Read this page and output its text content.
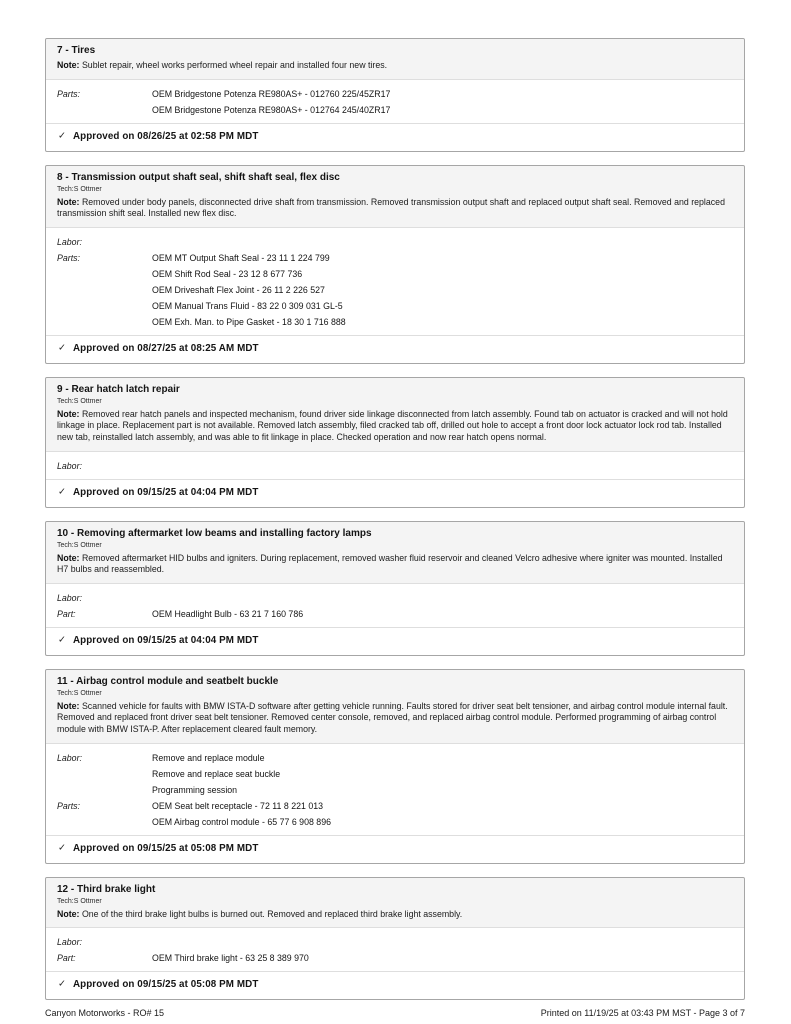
7 - Tires
Note: Sublet repair, wheel works performed wheel repair and installed four new tires.
Parts:	OEM Bridgestone Potenza RE980AS+ - 012760 225/45ZR17
OEM Bridgestone Potenza RE980AS+ - 012764 245/40ZR17
✓ Approved on 08/26/25 at 02:58 PM MDT
8 - Transmission output shaft seal, shift shaft seal, flex disc
Tech:S Ottmer
Note: Removed under body panels, disconnected drive shaft from transmission. Removed transmission output shaft and replaced output shaft seal. Removed and replaced transmission shift seal. Installed new flex disc.
Labor:
Parts:	OEM MT Output Shaft Seal - 23 11 1 224 799
OEM Shift Rod Seal - 23 12 8 677 736
OEM Driveshaft Flex Joint - 26 11 2 226 527
OEM Manual Trans Fluid - 83 22 0 309 031 GL-5
OEM Exh. Man. to Pipe Gasket - 18 30 1 716 888
✓ Approved on 08/27/25 at 08:25 AM MDT
9 - Rear hatch latch repair
Tech:S Ottmer
Note: Removed rear hatch panels and inspected mechanism, found driver side linkage disconnected from latch assembly. Found tab on actuator is cracked and will not hold linkage in place. Replacement part is not available. Removed latch assembly, filed cracked tab off, drilled out hole to accept a front door lock actuator lock rod tab. Installed new tab, reinstalled latch assembly, and was able to fit linkage in place. Checked operation and now rear hatch opens normal.
Labor:
✓ Approved on 09/15/25 at 04:04 PM MDT
10 - Removing aftermarket low beams and installing factory lamps
Tech:S Ottmer
Note: Removed aftermarket HID bulbs and igniters. During replacement, removed washer fluid reservoir and cleaned Velcro adhesive where igniter was mounted. Installed H7 bulbs and reassembled.
Labor:
Part:	OEM Headlight Bulb - 63 21 7 160 786
✓ Approved on 09/15/25 at 04:04 PM MDT
11 - Airbag control module and seatbelt buckle
Tech:S Ottmer
Note: Scanned vehicle for faults with BMW ISTA-D software after getting vehicle running. Faults stored for driver seat belt tensioner, and airbag control module internal fault. Removed and replaced front driver seat belt tensioner. Removed center console, removed, and replaced airbag control module. Performed programming of airbag control module with BMW ISTA-P. After replacement cleared fault memory.
Labor:	Remove and replace module
Remove and replace seat buckle
Programming session
Parts:	OEM Seat belt receptacle - 72 11 8 221 013
OEM Airbag control module - 65 77 6 908 896
✓ Approved on 09/15/25 at 05:08 PM MDT
12 - Third brake light
Tech:S Ottmer
Note: One of the third brake light bulbs is burned out. Removed and replaced third brake light assembly.
Labor:
Part:	OEM Third brake light - 63 25 8 389 970
✓ Approved on 09/15/25 at 05:08 PM MDT
Canyon Motorworks - RO# 15	Printed on 11/19/25 at 03:43 PM MST - Page 3 of 7
